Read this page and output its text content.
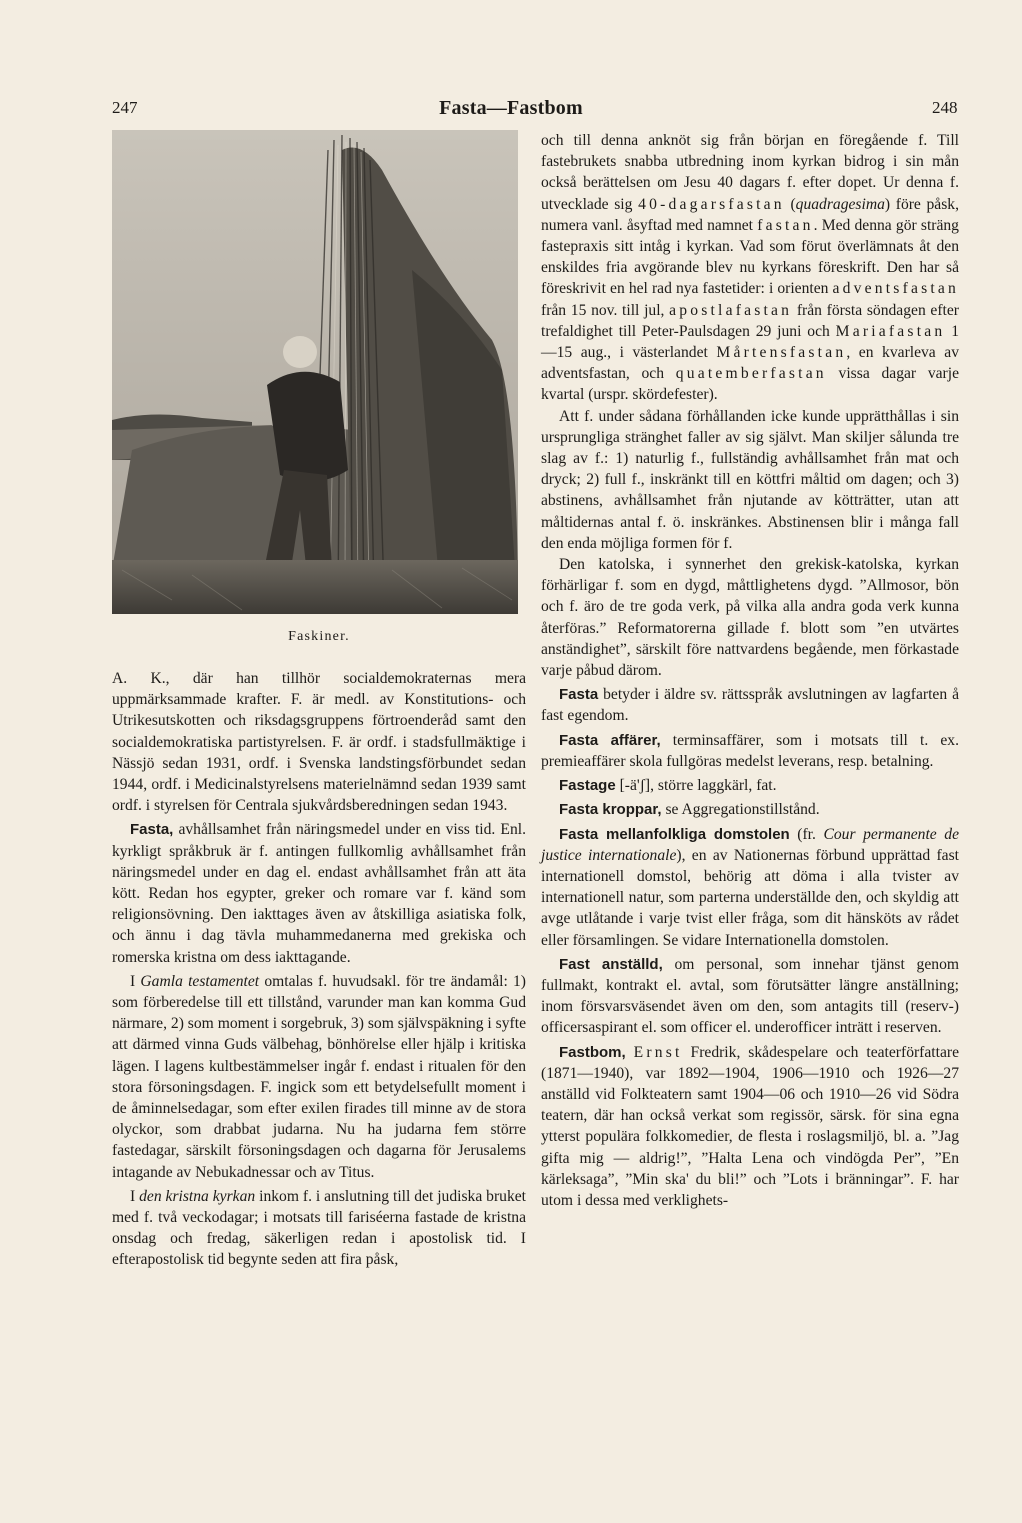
247	Fasta—Fastbom	248
Faskiner.

A. K., där han tillhör socialdemokraternas mera uppmärksammade krafter. F. är medl. av Konstitutions- och Utrikesutskotten och riksdagsgruppens förtroenderåd samt den socialdemokratiska partistyrelsen. F. är ordf. i stadsfullmäktige i Nässjö sedan 1931, ordf. i Svenska landstingsförbundet sedan 1944, ordf. i Medicinalstyrelsens materielnämnd sedan 1939 samt ordf. i styrelsen för Centrala sjukvårdsberedningen sedan 1943.

Fasta, avhållsamhet från näringsmedel under en viss tid. Enl. kyrkligt språkbruk är f. antingen fullkomlig avhållsamhet från näringsmedel under en dag el. endast avhållsamhet från att äta kött. Redan hos egypter, greker och romare var f. känd som religionsövning. Den iakttages även av åtskilliga asiatiska folk, och ännu i dag tävla muhammedanerna med grekiska och romerska kristna om dess iakttagande.

I Gamla testamentet omtalas f. huvudsakl. för tre ändamål: 1) som förberedelse till ett tillstånd, varunder man kan komma Gud närmare, 2) som moment i sorgebruk, 3) som självspäkning i syfte att därmed vinna Guds välbehag, bönhörelse eller hjälp i kritiska lägen. I lagens kultbestämmelser ingår f. endast i ritualen för den stora försoningsdagen. F. ingick som ett betydelsefullt moment i de åminnelsedagar, som efter exilen firades till minne av de stora olyckor, som drabbat judarna. Nu ha judarna fem större fastedagar, särskilt försoningsdagen och dagarna för Jerusalems intagande av Nebukadnessar och av Titus.

I den kristna kyrkan inkom f. i anslutning till det judiska bruket med f. två veckodagar; i motsats till fariséerna fastade de kristna onsdag och fredag, säkerligen redan i apostolisk tid. I efterapostolisk tid begynte seden att fira påsk,

och till denna anknöt sig från början en föregående f. Till fastebrukets snabba utbredning inom kyrkan bidrog i sin mån också berättelsen om Jesu 40 dagars f. efter dopet. Ur denna f. utvecklade sig 40-dagarsfastan (quadragesima) före påsk, numera vanl. åsyftad med namnet fastan. Med denna gör sträng fastepraxis sitt intåg i kyrkan. Vad som förut överlämnats åt den enskildes fria avgörande blev nu kyrkans föreskrift. Den har så föreskrivit en hel rad nya fastetider: i orienten adventsfastan från 15 nov. till jul, apostlafastan från första söndagen efter trefaldighet till Peter-Paulsdagen 29 juni och Mariafastan 1—15 aug., i västerlandet Mårtensfastan, en kvarleva av adventsfastan, och quatemberfastan vissa dagar varje kvartal (urspr. skördefester).

Att f. under sådana förhållanden icke kunde upprätthållas i sin ursprungliga stränghet faller av sig självt. Man skiljer sålunda tre slag av f.: 1) naturlig f., fullständig avhållsamhet från mat och dryck; 2) full f., inskränkt till en köttfri måltid om dagen; och 3) abstinens, avhållsamhet från njutande av kötträtter, utan att måltidernas antal f. ö. inskränkes. Abstinensen blir i många fall den enda möjliga formen för f.

Den katolska, i synnerhet den grekisk-katolska, kyrkan förhärligar f. som en dygd, måttlighetens dygd. ”Allmosor, bön och f. äro de tre goda verk, på vilka alla andra goda verk kunna återföras.” Reformatorerna gillade f. blott som ”en utvärtes anständighet”, särskilt före nattvardens begående, men förkastade varje påbud därom.

Fasta betyder i äldre sv. rättsspråk avslutningen av lagfarten å fast egendom.

Fasta affärer, terminsaffärer, som i motsats till t. ex. premieaffärer skola fullgöras medelst leverans, resp. betalning.

Fastage [-ä'ʃ], större laggkärl, fat.

Fasta kroppar, se Aggregationstillstånd.

Fasta mellanfolkliga domstolen (fr. Cour permanente de justice internationale), en av Nationernas förbund upprättad fast internationell domstol, behörig att döma i alla tvister av internationell natur, som parterna underställde den, och skyldig att avge utlåtande i varje tvist eller fråga, som dit hänsköts av rådet eller församlingen. Se vidare Internationella domstolen.

Fast anställd, om personal, som innehar tjänst genom fullmakt, kontrakt el. avtal, som förutsätter längre anställning; inom försvarsväsendet även om den, som antagits till (reserv-) officersaspirant el. som officer el. underofficer inträtt i reserven.

Fastbom, Ernst Fredrik, skådespelare och teaterförfattare (1871—1940), var 1892—1904, 1906—1910 och 1926—27 anställd vid Folkteatern samt 1904—06 och 1910—26 vid Södra teatern, där han också verkat som regissör, särsk. för sina egna ytterst populära folkkomedier, de flesta i roslagsmiljö, bl. a. ”Jag gifta mig — aldrig!”, ”Halta Lena och vindögda Per”, ”En kärleksaga”, ”Min ska' du bli!” och ”Lots i bränningar”. F. har utom i dessa med verklighets-
